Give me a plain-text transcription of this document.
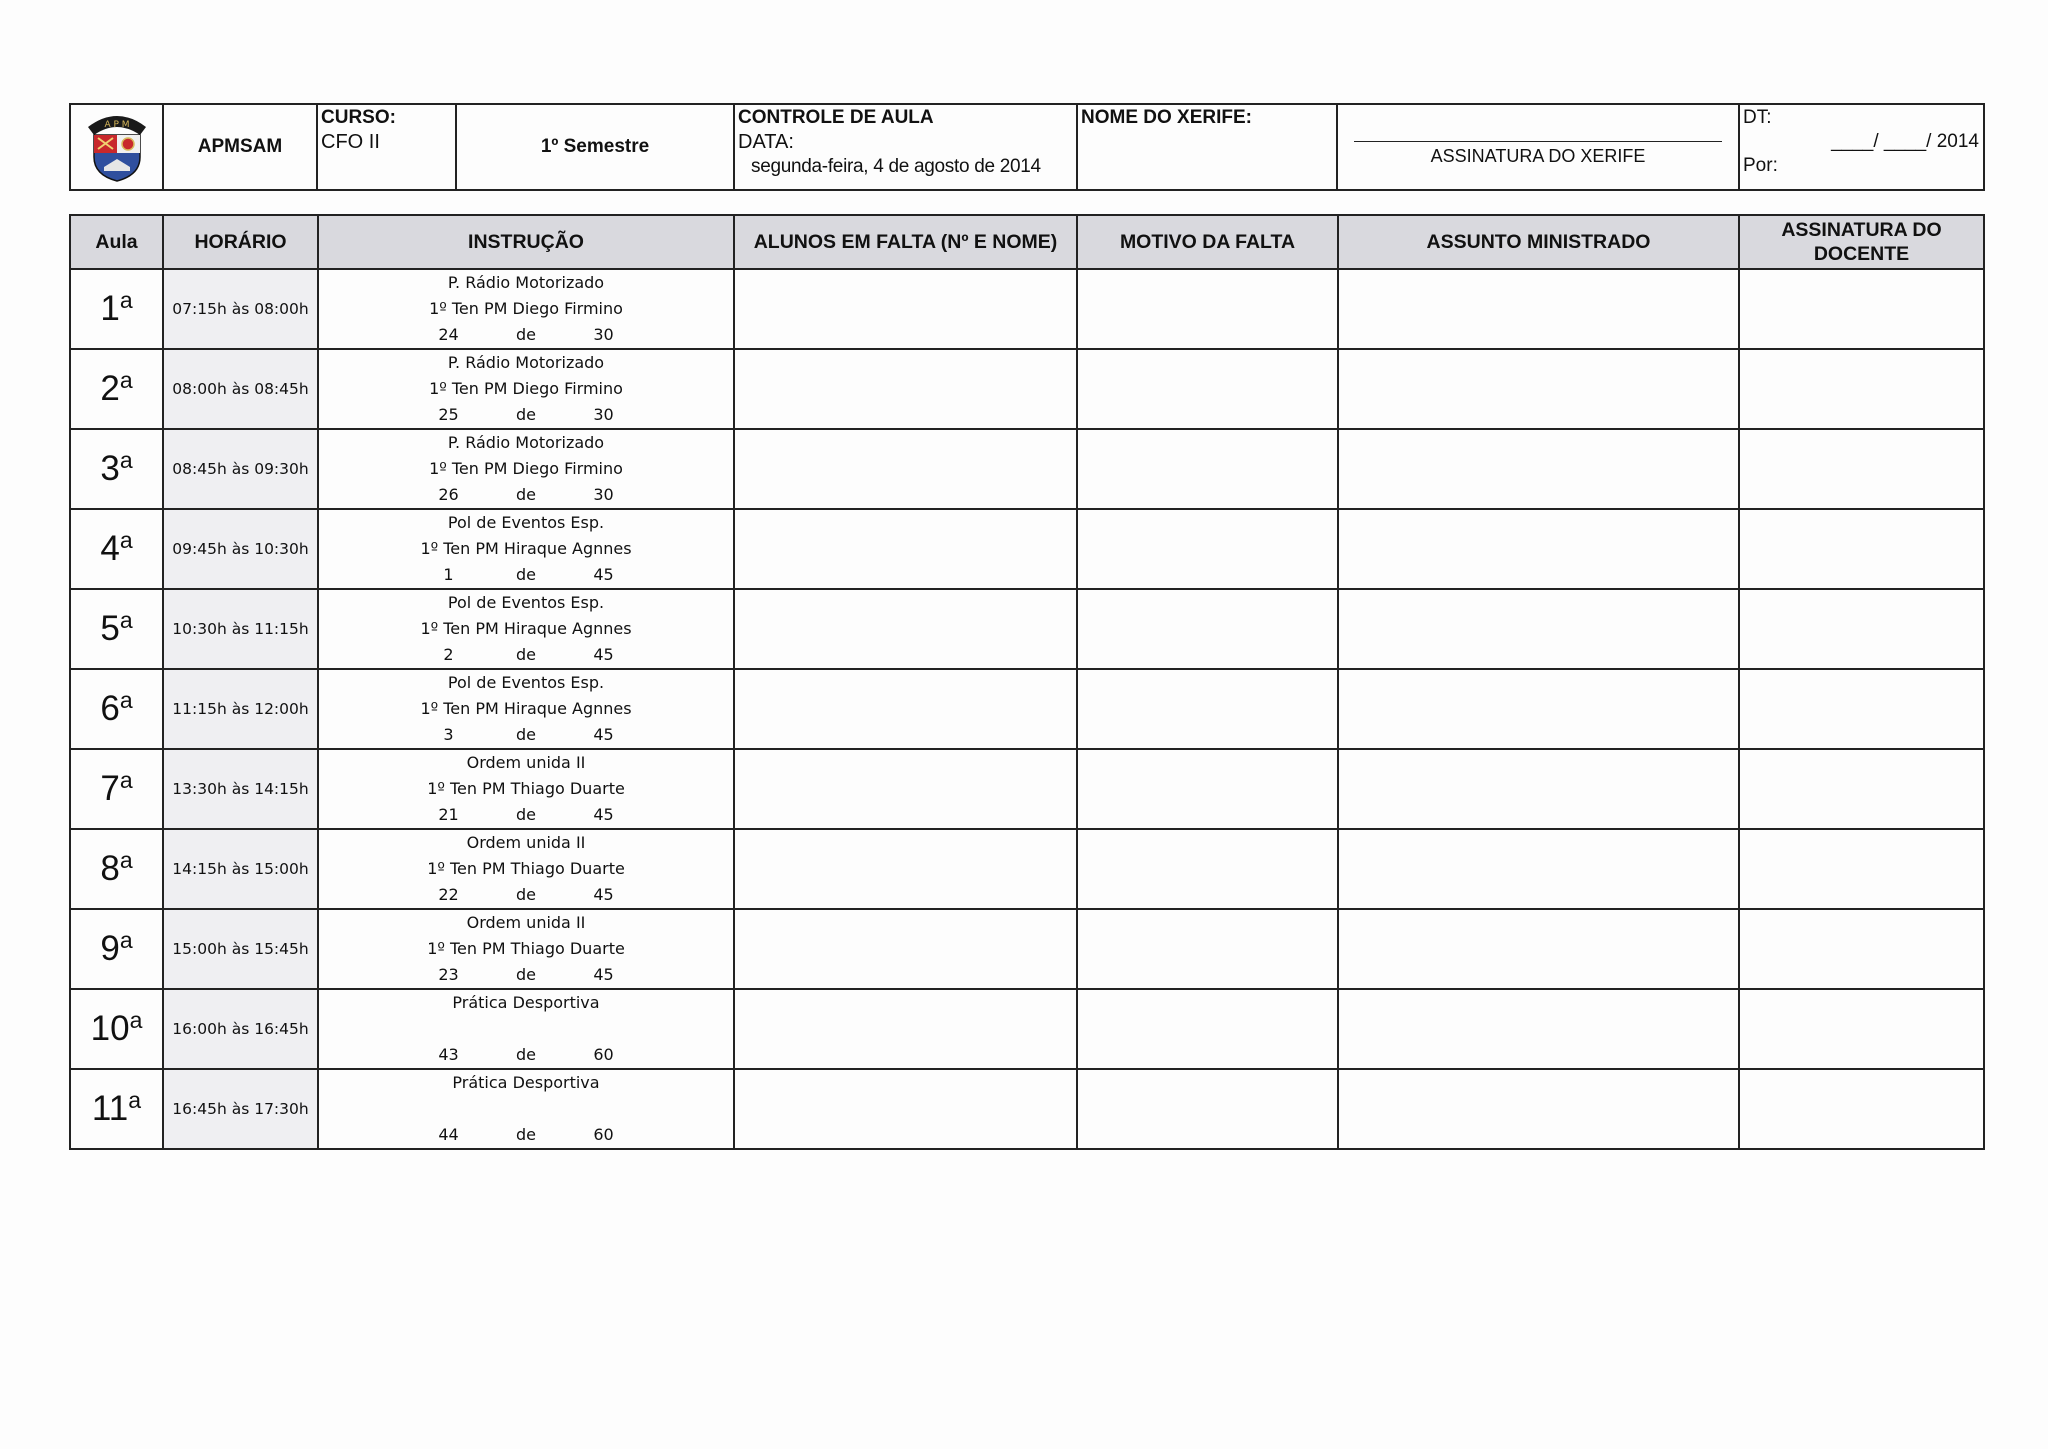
A P M
	APMSAM	
CURSO:
CFO II	1º Semestre	
CONTROLE DE AULA
DATA:
segunda-feira, 4 de agosto de 2014

NOME DO XERIFE:

ASSINATURA DO XERIFE

DT:
____/ ____/ 2014
Por:
Aula	HORÁRIO	INSTRUÇÃO	ALUNOS EM FALTA (Nº E NOME)	MOTIVO DA FALTA	ASSUNTO MINISTRADO	ASSINATURA DO DOCENTE
1$^a$	07:15h às 08:00h	P. Rádio Motorizado
1º Ten PM Diego Firmino
24 de 30				

2$^a$	08:00h às 08:45h	P. Rádio Motorizado
1º Ten PM Diego Firmino
25 de 30				

3$^a$	08:45h às 09:30h	P. Rádio Motorizado
1º Ten PM Diego Firmino
26 de 30				

4$^a$	09:45h às 10:30h	Pol de Eventos Esp.
1º Ten PM Hiraque Agnnes
1 de 45				

5$^a$	10:30h às 11:15h	Pol de Eventos Esp.
1º Ten PM Hiraque Agnnes
2 de 45				

6$^a$	11:15h às 12:00h	Pol de Eventos Esp.
1º Ten PM Hiraque Agnnes
3 de 45				

7$^a$	13:30h às 14:15h	Ordem unida II
1º Ten PM Thiago Duarte
21 de 45				

8$^a$	14:15h às 15:00h	Ordem unida II
1º Ten PM Thiago Duarte
22 de 45				

9$^a$	15:00h às 15:45h	Ordem unida II
1º Ten PM Thiago Duarte
23 de 45				

10$^a$	16:00h às 16:45h	Prática Desportiva
43 de 60				

11$^a$	16:45h às 17:30h	Prática Desportiva
44 de 60				
